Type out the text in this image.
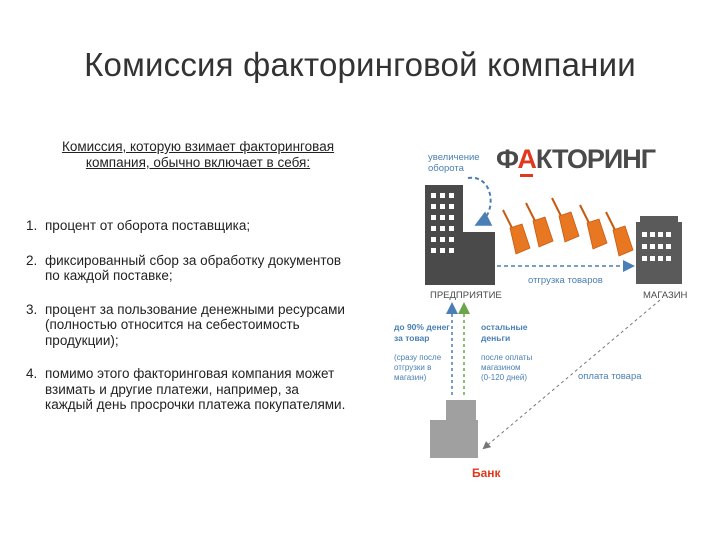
Комиссия факторинговой компании
Комиссия, которую взимает факторинговая компания, обычно включает в себя:
1. процент от оборота поставщика;
2. фиксированный сбор за обработку документов по каждой поставке;
3. процент за пользование денежными ресурсами (полностью относится на себестоимость продукции);
4. помимо этого факторинговая компания может взимать и другие платежи, например, за каждый день просрочки платежа покупателями.
ФАКТОРИНГ
увеличение
оборота
ПРЕДПРИЯТИЕ	МАГАЗИН
отгрузка товаров
до 90% денег
за товар
(сразу после
отгрузки в
магазин)
остальные
деньги
после оплаты
магазином
(0-120 дней)	оплата товара
Банк
